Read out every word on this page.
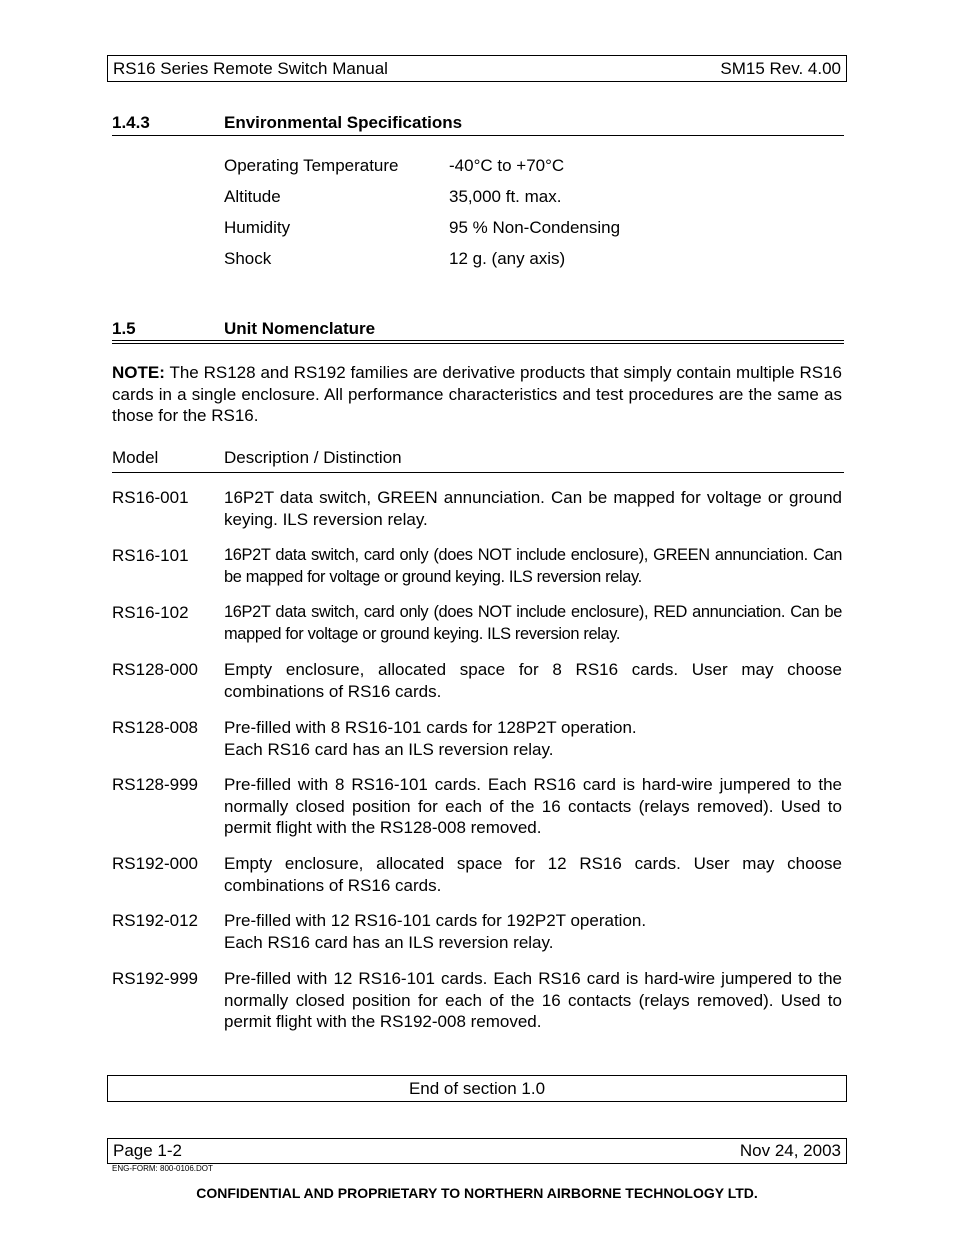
RS16 Series Remote Switch Manual	SM15 Rev. 4.00
1.4.3	Environmental Specifications
Operating Temperature	-40°C to +70°C
Altitude	35,000 ft. max.
Humidity	95 % Non-Condensing
Shock	12 g. (any axis)
1.5	Unit Nomenclature
NOTE: The RS128 and RS192 families are derivative products that simply contain multiple RS16 cards in a single enclosure. All performance characteristics and test procedures are the same as those for the RS16.
Model	Description / Distinction
RS16-001 16P2T data switch, GREEN annunciation. Can be mapped for voltage or ground keying. ILS reversion relay.
RS16-101 16P2T data switch, card only (does NOT include enclosure), GREEN annunciation. Can be mapped for voltage or ground keying. ILS reversion relay.
RS16-102 16P2T data switch, card only (does NOT include enclosure), RED annunciation. Can be mapped for voltage or ground keying. ILS reversion relay.
RS128-000 Empty enclosure, allocated space for 8 RS16 cards. User may choose combinations of RS16 cards.
RS128-008 Pre-filled with 8 RS16-101 cards for 128P2T operation.
Each RS16 card has an ILS reversion relay.
RS128-999 Pre-filled with 8 RS16-101 cards. Each RS16 card is hard-wire jumpered to the normally closed position for each of the 16 contacts (relays removed). Used to permit flight with the RS128-008 removed.
RS192-000 Empty enclosure, allocated space for 12 RS16 cards. User may choose combinations of RS16 cards.
RS192-012 Pre-filled with 12 RS16-101 cards for 192P2T operation.
Each RS16 card has an ILS reversion relay.
RS192-999 Pre-filled with 12 RS16-101 cards. Each RS16 card is hard-wire jumpered to the normally closed position for each of the 16 contacts (relays removed). Used to permit flight with the RS192-008 removed.
End of section 1.0
Page 1-2	Nov 24, 2003
ENG-FORM: 800-0106.DOT
CONFIDENTIAL AND PROPRIETARY TO NORTHERN AIRBORNE TECHNOLOGY LTD.
